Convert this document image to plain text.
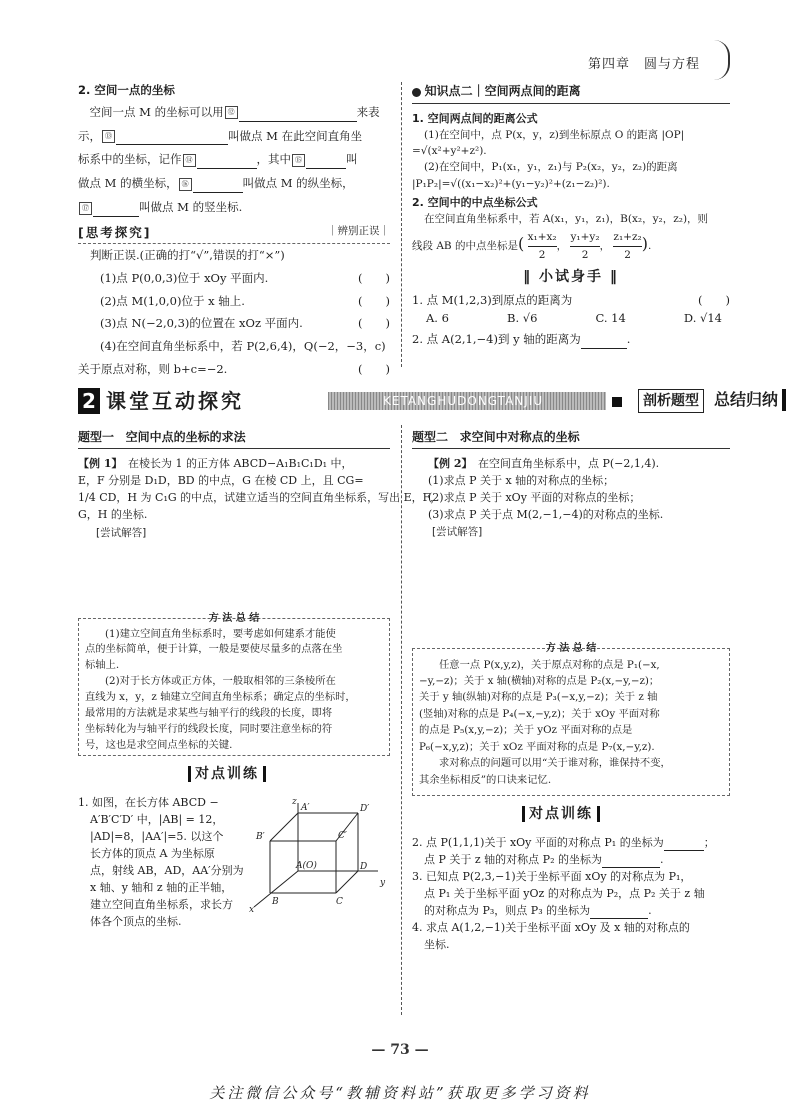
第四章　圆与方程
2. 空间一点的坐标
　空间一点 M 的坐标可以用 ⑫	来表
示， ⑬	叫做点 M 在此空间直角坐
标系中的坐标，记作 ⑭	，其中 ⑮	叫
做点 M 的横坐标， ⑯	叫做点 M 的纵坐标，
⑰	叫做点 M 的竖坐标.
[思考探究]	｜辨别正误｜
判断正误.(正确的打“√”,错误的打“×”)
(1)点 P(0,0,3)位于 xOy 平面内.	(　　)
(2)点 M(1,0,0)位于 x 轴上.	(　　)
(3)点 N(−2,0,3)的位置在 xOz 平面内.	(　　)
(4)在空间直角坐标系中，若 P(2,6,4)，Q(−2，−3，c)
关于原点对称，则 b+c=−2.	(　　)
知识点二｜空间两点间的距离
1. 空间两点间的距离公式
(1)在空间中，点 P(x，y，z)到坐标原点 O 的距离 |OP|
=√(x²+y²+z²).
(2)在空间中，P₁(x₁，y₁，z₁)与 P₂(x₂，y₂，z₂)的距离
|P₁P₂|=√((x₁−x₂)²+(y₁−y₂)²+(z₁−z₂)²).
2. 空间中的中点坐标公式
在空间直角坐标系中，若 A(x₁，y₁，z₁)，B(x₂，y₂，z₂)，则
线段 AB 的中点坐标是( $\frac{\text{x₁+x₂}}{2}$ ， $\frac{\text{y₁+y₂}}{2}$ ， $\frac{\text{z₁+z₂}}{2}$ ).
‖ 小试身手 ‖
1. 点 M(1,2,3)到原点的距离为	(　　)
A. 6	B. √6	C. 14	D. √14
2. 点 A(2,1,−4)到 y 轴的距离为	.
2 课堂互动探究	KETANGHUDONGTANJIU	剖析题型 总结归纳
题型一 空间中点的坐标的求法
【例 1】　 在棱长为 1 的正方体 ABCD−A₁B₁C₁D₁ 中，
E，F 分别是 D₁D，BD 的中点，G 在棱 CD 上，且 CG=
1/4 CD，H 为 C₁G 的中点，试建立适当的空间直角坐标系，写出 E，F，
G，H 的坐标.
[尝试解答]
方 法 总 结
(1)建立空间直角坐标系时，要考虑如何建系才能使
点的坐标简单，便于计算，一般是要使尽量多的点落在坐
标轴上.
(2)对于长方体或正方体，一般取相邻的三条棱所在
直线为 x，y，z 轴建立空间直角坐标系；确定点的坐标时，
最常用的方法就是求某些与轴平行的线段的长度，即将
坐标转化为与轴平行的线段长度，同时要注意坐标的符
号，这也是求空间点坐标的关键.
对点训练
1. 如图，在长方体 ABCD −
A′B′C′D′ 中，|AB| = 12，
|AD|=8，|AA′|=5. 以这个
长方体的顶点 A 为坐标原
点，射线 AB，AD，AA′分别为
x 轴、y 轴和 z 轴的正半轴，
建立空间直角坐标系，求长方
体各个顶点的坐标.
z
A′	D′
B′	C′
A(O)	D
y
B	C
x
题型二 求空间中对称点的坐标
【例 2】　 在空间直角坐标系中，点 P(−2,1,4).
(1)求点 P 关于 x 轴的对称点的坐标；
(2)求点 P 关于 xOy 平面的对称点的坐标；
(3)求点 P 关于点 M(2,−1,−4)的对称点的坐标.
[尝试解答]
方 法 总 结
任意一点 P(x,y,z)，关于原点对称的点是 P₁(−x,
−y,−z)；关于 x 轴(横轴)对称的点是 P₂(x,−y,−z)；
关于 y 轴(纵轴)对称的点是 P₃(−x,y,−z)；关于 z 轴
(竖轴)对称的点是 P₄(−x,−y,z)；关于 xOy 平面对称
的点是 P₅(x,y,−z)；关于 yOz 平面对称的点是
P₆(−x,y,z)；关于 xOz 平面对称的点是 P₇(x,−y,z).
求对称点的问题可以用“关于谁对称，谁保持不变，
其余坐标相反”的口诀来记忆.
对点训练
2. 点 P(1,1,1)关于 xOy 平面的对称点 P₁ 的坐标为	；
点 P 关于 z 轴的对称点 P₂ 的坐标为	.
3. 已知点 P(2,3,−1)关于坐标平面 xOy 的对称点为 P₁，
点 P₁ 关于坐标平面 yOz 的对称点为 P₂，点 P₂ 关于 z 轴
的对称点为 P₃，则点 P₃ 的坐标为	.
4. 求点 A(1,2,−1)关于坐标平面 xOy 及 x 轴的对称点的
坐标.
— 73 —
关注微信公众号“教辅资料站”获取更多学习资料
